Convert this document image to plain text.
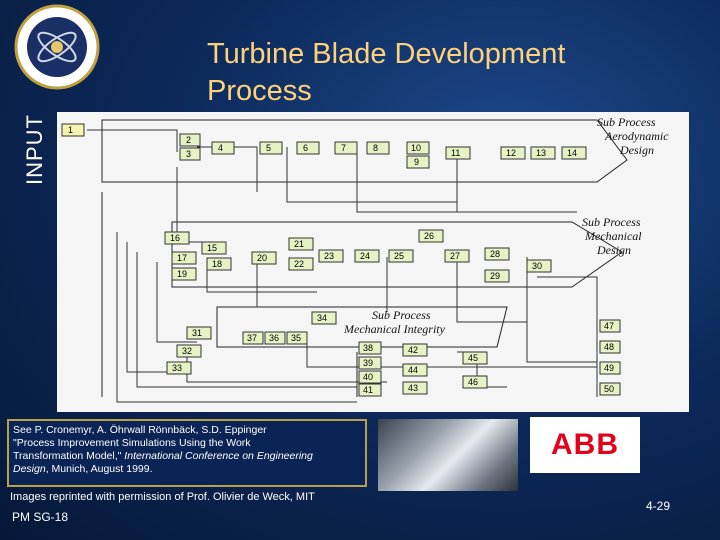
Turbine Blade Development
Process
INPUT 1
2
3
4	5	6	7	8	10
9
11	12 13 14
16
15
17
18
19
20
21
22
23	24	25
26
27	28
29
30
31
32
33
34
35
36
37
38
39
40
41
42
44
43
45
46
47
48
49
50
Sub Process
Aerodynamic
Design
Sub Process
Mechanical
Design
Sub Process
Mechanical Integrity
See P. Cronemyr, A. Öhrwall Rönnbäck, S.D. Eppinger
"Process Improvement Simulations Using the Work
Transformation Model," International Conference on Engineering
Design, Munich, August 1999.
ABB
Images reprinted with permission of Prof. Olivier de Weck, MIT
PM SG-18
4-29
